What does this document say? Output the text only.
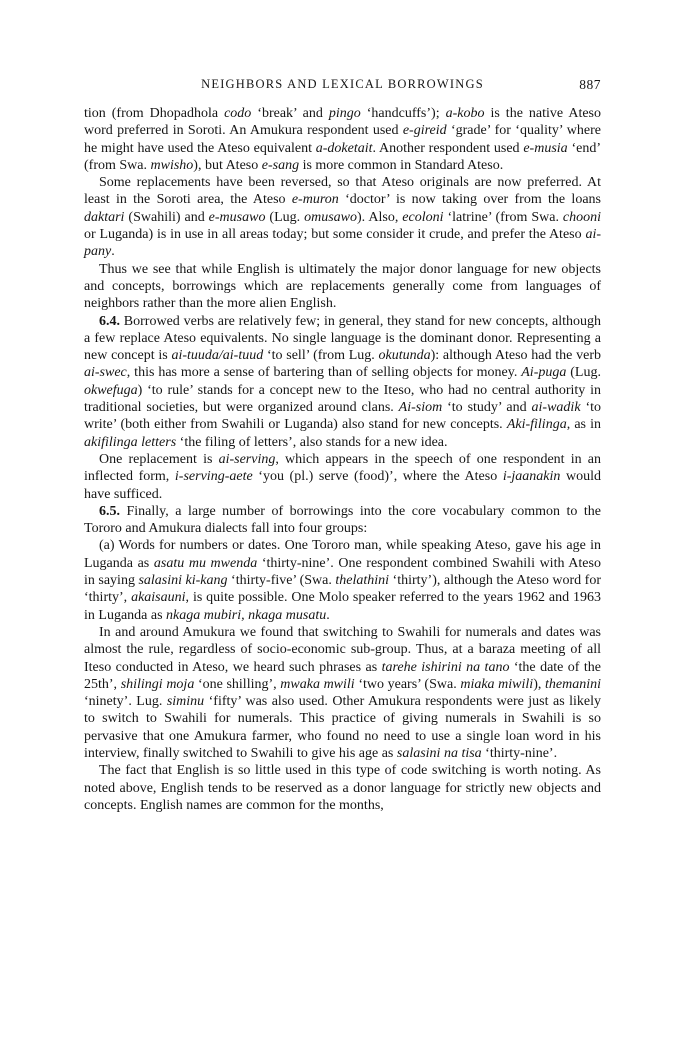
NEIGHBORS AND LEXICAL BORROWINGS	887

tion (from Dhopadhola codo ‘break’ and pingo ‘handcuffs’); a-kobo is the native Ateso word preferred in Soroti. An Amukura respondent used e-gireid ‘grade’ for ‘quality’ where he might have used the Ateso equivalent a-doketait. Another respondent used e-musia ‘end’ (from Swa. mwisho), but Ateso e-sang is more common in Standard Ateso.

Some replacements have been reversed, so that Ateso originals are now preferred. At least in the Soroti area, the Ateso e-muron ‘doctor’ is now taking over from the loans daktari (Swahili) and e-musawo (Lug. omusawo). Also, ecoloni ‘latrine’ (from Swa. chooni or Luganda) is in use in all areas today; but some consider it crude, and prefer the Ateso ai-pany.

Thus we see that while English is ultimately the major donor language for new objects and concepts, borrowings which are replacements generally come from languages of neighbors rather than the more alien English.

6.4. Borrowed verbs are relatively few; in general, they stand for new concepts, although a few replace Ateso equivalents. No single language is the dominant donor. Representing a new concept is ai-tuuda/ai-tuud ‘to sell’ (from Lug. okutunda): although Ateso had the verb ai-swec, this has more a sense of bartering than of selling objects for money. Ai-puga (Lug. okwefuga) ‘to rule’ stands for a concept new to the Iteso, who had no central authority in traditional societies, but were organized around clans. Ai-siom ‘to study’ and ai-wadik ‘to write’ (both either from Swahili or Luganda) also stand for new concepts. Aki-filinga, as in akifilinga letters ‘the filing of letters’, also stands for a new idea.

One replacement is ai-serving, which appears in the speech of one respondent in an inflected form, i-serving-aete ‘you (pl.) serve (food)’, where the Ateso i-jaanakin would have sufficed.

6.5. Finally, a large number of borrowings into the core vocabulary common to the Tororo and Amukura dialects fall into four groups:

(a) Words for numbers or dates. One Tororo man, while speaking Ateso, gave his age in Luganda as asatu mu mwenda ‘thirty-nine’. One respondent combined Swahili with Ateso in saying salasini ki-kang ‘thirty-five’ (Swa. thelathini ‘thirty’), although the Ateso word for ‘thirty’, akaisauni, is quite possible. One Molo speaker referred to the years 1962 and 1963 in Luganda as nkaga mubiri, nkaga musatu.

In and around Amukura we found that switching to Swahili for numerals and dates was almost the rule, regardless of socio-economic sub-group. Thus, at a baraza meeting of all Iteso conducted in Ateso, we heard such phrases as tarehe ishirini na tano ‘the date of the 25th’, shilingi moja ‘one shilling’, mwaka mwili ‘two years’ (Swa. miaka miwili), themanini ‘ninety’. Lug. siminu ‘fifty’ was also used. Other Amukura respondents were just as likely to switch to Swahili for numerals. This practice of giving numerals in Swahili is so pervasive that one Amukura farmer, who found no need to use a single loan word in his interview, finally switched to Swahili to give his age as salasini na tisa ‘thirty-nine’.

The fact that English is so little used in this type of code switching is worth noting. As noted above, English tends to be reserved as a donor language for strictly new objects and concepts. English names are common for the months,
